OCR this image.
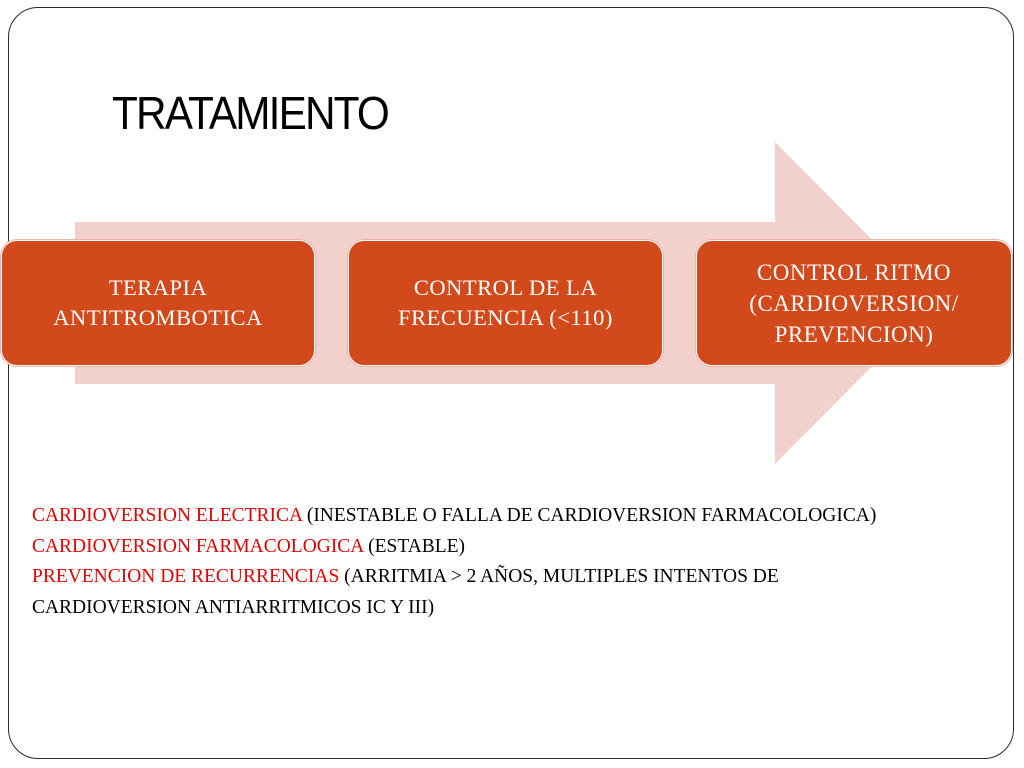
TRATAMIENTO
TERAPIA
ANTITROMBOTICA
CONTROL DE LA
FRECUENCIA (<110)
CONTROL RITMO
(CARDIOVERSION/
PREVENCION)
CARDIOVERSION ELECTRICA (INESTABLE O FALLA DE CARDIOVERSION FARMACOLOGICA)
CARDIOVERSION FARMACOLOGICA (ESTABLE)
PREVENCION DE RECURRENCIAS (ARRITMIA > 2 AÑOS, MULTIPLES INTENTOS DE CARDIOVERSION ANTIARRITMICOS IC Y III)
